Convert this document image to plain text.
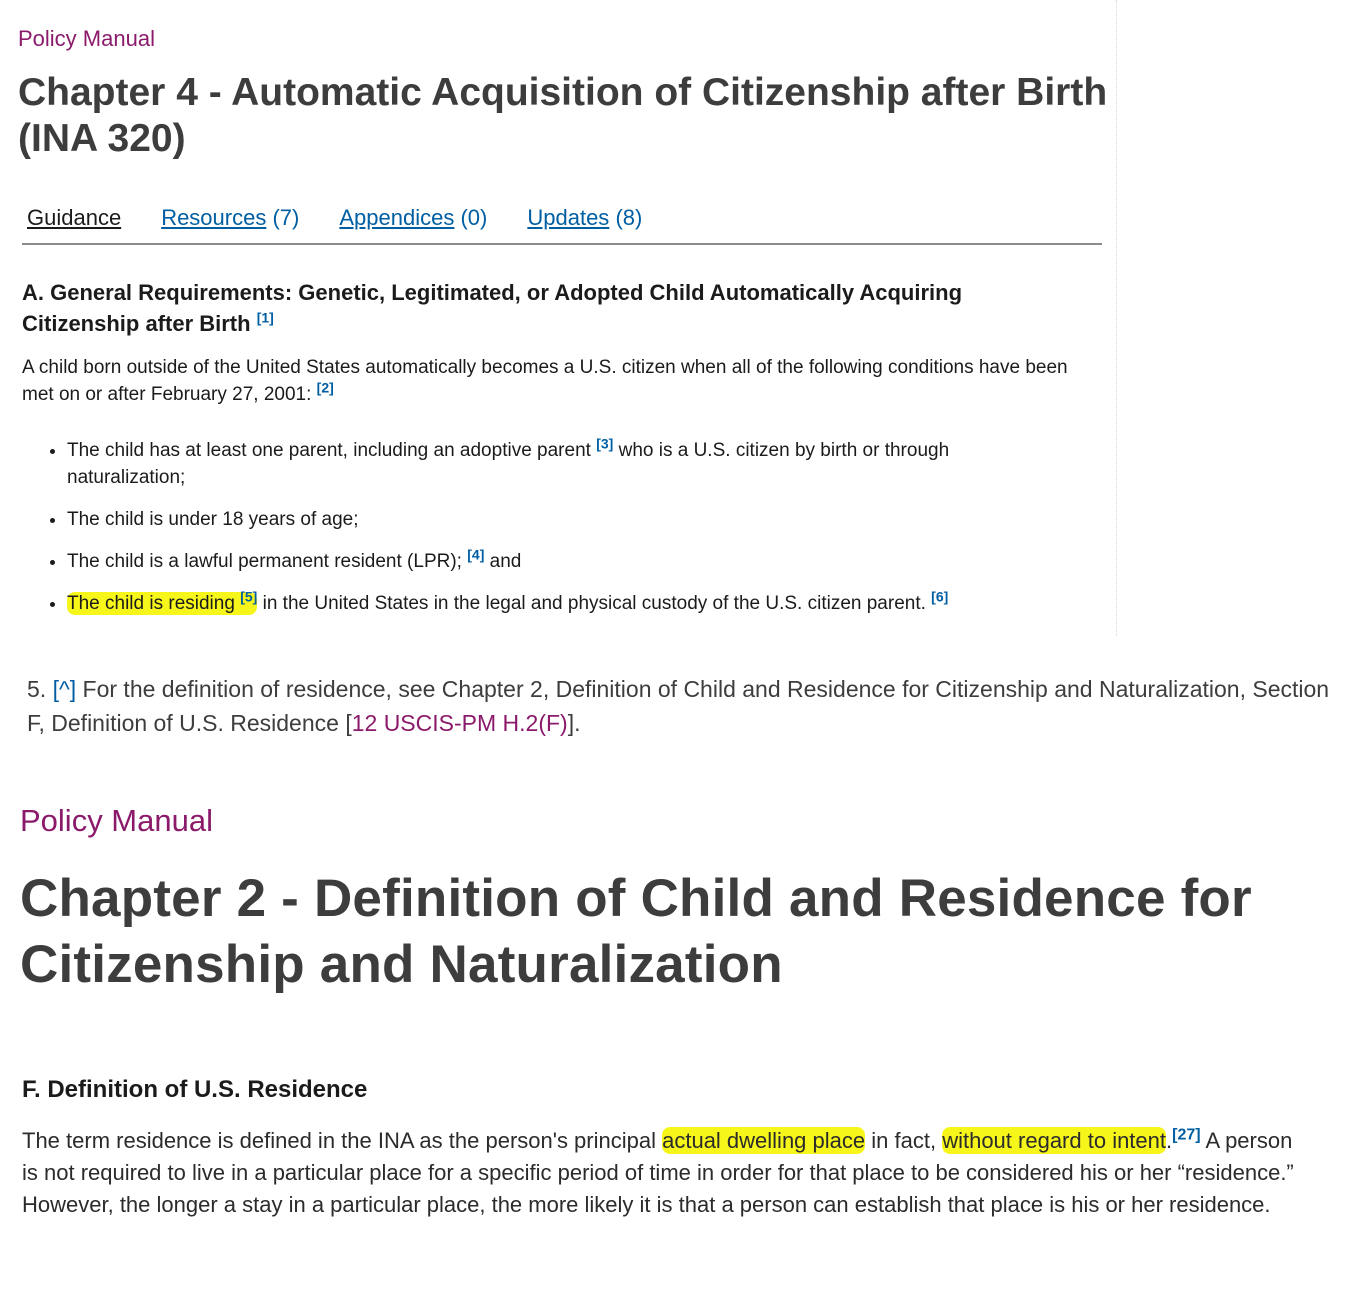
Policy Manual
Chapter 4 - Automatic Acquisition of Citizenship after Birth (INA 320)
Guidance Resources (7) Appendices (0) Updates (8)
A. General Requirements: Genetic, Legitimated, or Adopted Child Automatically Acquiring Citizenship after Birth [1]

A child born outside of the United States automatically becomes a U.S. citizen when all of the following conditions have been met on or after February 27, 2001: [2]

• The child has at least one parent, including an adoptive parent [3] who is a U.S. citizen by birth or through naturalization;
• The child is under 18 years of age;
• The child is a lawful permanent resident (LPR); [4] and
• The child is residing [5] in the United States in the legal and physical custody of the U.S. citizen parent. [6]

5. [^] For the definition of residence, see Chapter 2, Definition of Child and Residence for Citizenship and Naturalization, Section F, Definition of U.S. Residence [12 USCIS-PM H.2(F)].

Policy Manual
Chapter 2 - Definition of Child and Residence for Citizenship and Naturalization
F. Definition of U.S. Residence

The term residence is defined in the INA as the person's principal actual dwelling place in fact, without regard to intent.[27] A person is not required to live in a particular place for a specific period of time in order for that place to be considered his or her “residence.” However, the longer a stay in a particular place, the more likely it is that a person can establish that place is his or her residence.
